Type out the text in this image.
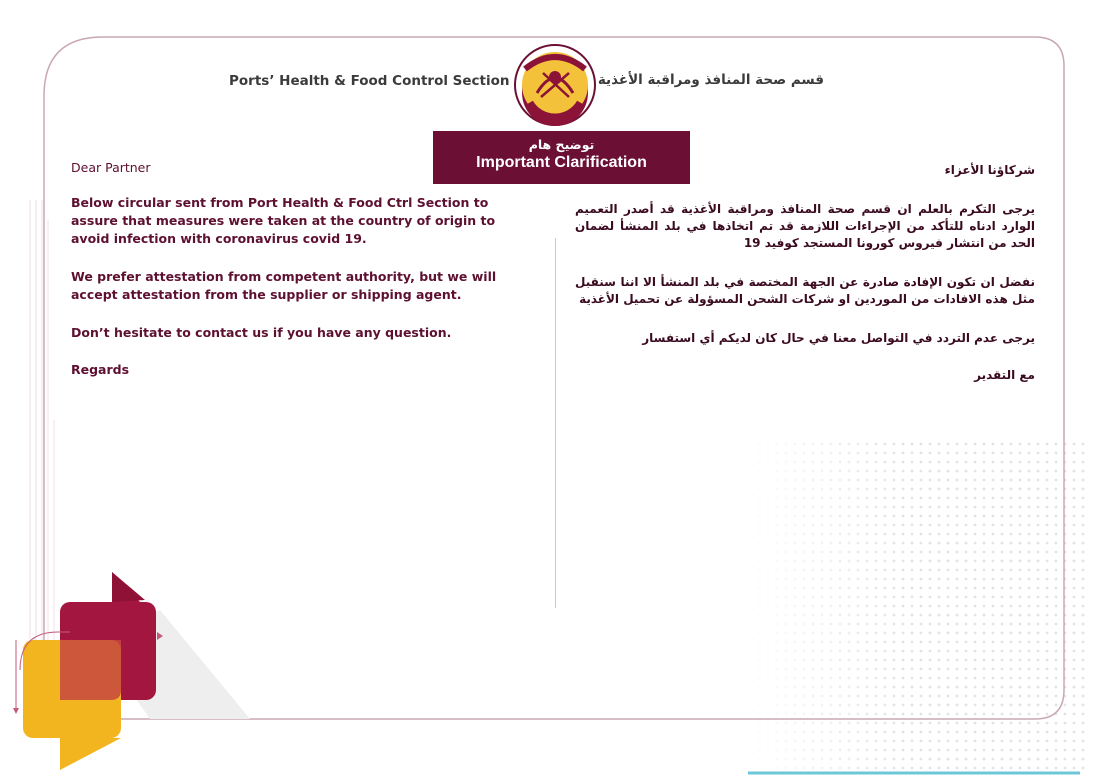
Ports’ Health & Food Control Section	قسم صحة المنافذ ومراقبة الأغذية
توضيح هام
Important Clarification

Dear Partner

Below circular sent from Port Health & Food Ctrl Section to assure that measures were taken at the country of origin to avoid infection with coronavirus covid 19.

We prefer attestation from competent authority, but we will accept attestation from the supplier or shipping agent.

Don’t hesitate to contact us if you have any question.

Regards

شركاؤنا الأعزاء

يرجى التكرم بالعلم ان قسم صحة المنافذ ومراقبة الأغذية قد أصدر التعميم الوارد ادناه للتأكد من الإجراءات اللازمة قد تم اتخاذها في بلد المنشأ لضمان الحد من انتشار فيروس كورونا المستجد كوفيد 19

نفضل ان تكون الإفادة صادرة عن الجهة المختصة في بلد المنشأ الا اننا سنقبل مثل هذه الافادات من الموردين او شركات الشحن المسؤولة عن تحميل الأغذية

يرجى عدم التردد في التواصل معنا في حال كان لديكم أي استفسار

مع التقدير
